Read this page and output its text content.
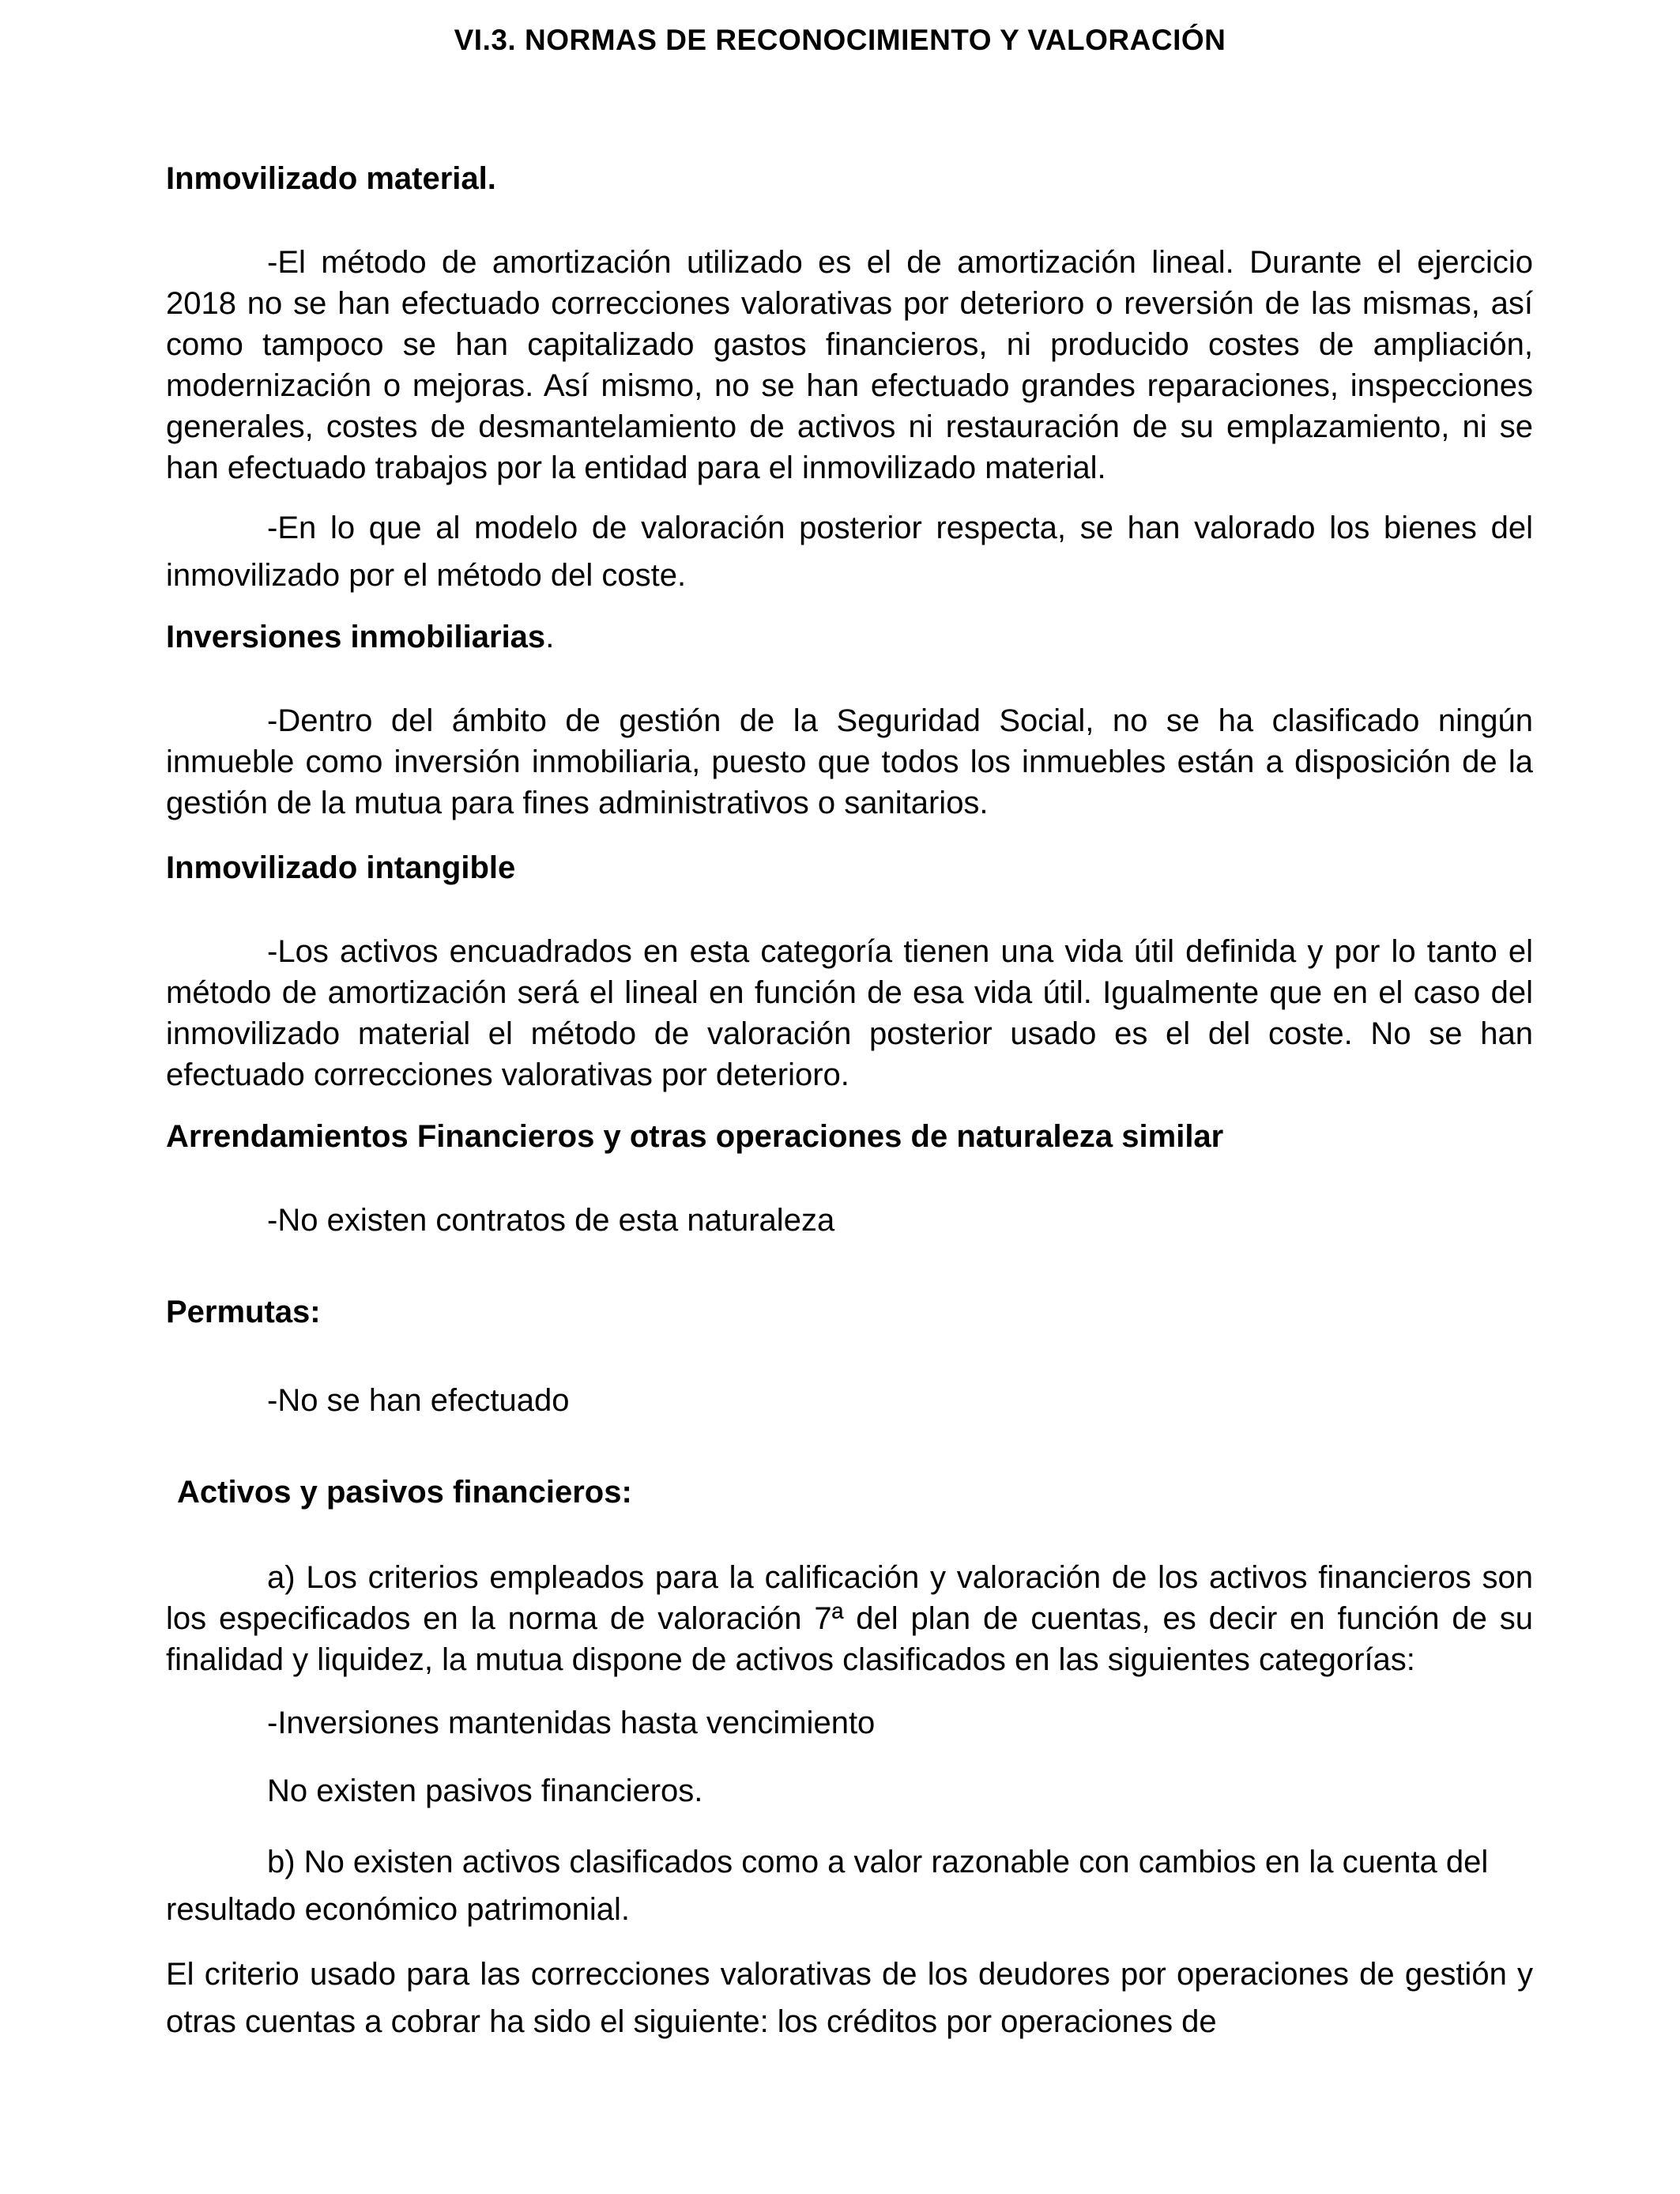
VI.3. NORMAS DE RECONOCIMIENTO Y VALORACIÓN

Inmovilizado material.

-El método de amortización utilizado es el de amortización lineal. Durante el ejercicio 2018 no se han efectuado correcciones valorativas por deterioro o reversión de las mismas, así como tampoco se han capitalizado gastos financieros, ni producido costes de ampliación, modernización o mejoras. Así mismo, no se han efectuado grandes reparaciones, inspecciones generales, costes de desmantelamiento de activos ni restauración de su emplazamiento, ni se han efectuado trabajos por la entidad para el inmovilizado material.

-En lo que al modelo de valoración posterior respecta, se han valorado los bienes del inmovilizado por el método del coste.

Inversiones inmobiliarias.

-Dentro del ámbito de gestión de la Seguridad Social, no se ha clasificado ningún inmueble como inversión inmobiliaria, puesto que todos los inmuebles están a disposición de la gestión de la mutua para fines administrativos o sanitarios.

Inmovilizado intangible

-Los activos encuadrados en esta categoría tienen una vida útil definida y por lo tanto el método de amortización será el lineal en función de esa vida útil. Igualmente que en el caso del inmovilizado material el método de valoración posterior usado es el del coste. No se han efectuado correcciones valorativas por deterioro.

Arrendamientos Financieros y otras operaciones de naturaleza similar

-No existen contratos de esta naturaleza

Permutas:

-No se han efectuado

Activos y pasivos financieros:

a) Los criterios empleados para la calificación y valoración de los activos financieros son los especificados en la norma de valoración 7ª del plan de cuentas, es decir en función de su finalidad y liquidez, la mutua dispone de activos clasificados en las siguientes categorías:

-Inversiones mantenidas hasta vencimiento

No existen pasivos financieros.

b) No existen activos clasificados como a valor razonable con cambios en la cuenta del resultado económico patrimonial.

El criterio usado para las correcciones valorativas de los deudores por operaciones de gestión y otras cuentas a cobrar ha sido el siguiente: los créditos por operaciones de
